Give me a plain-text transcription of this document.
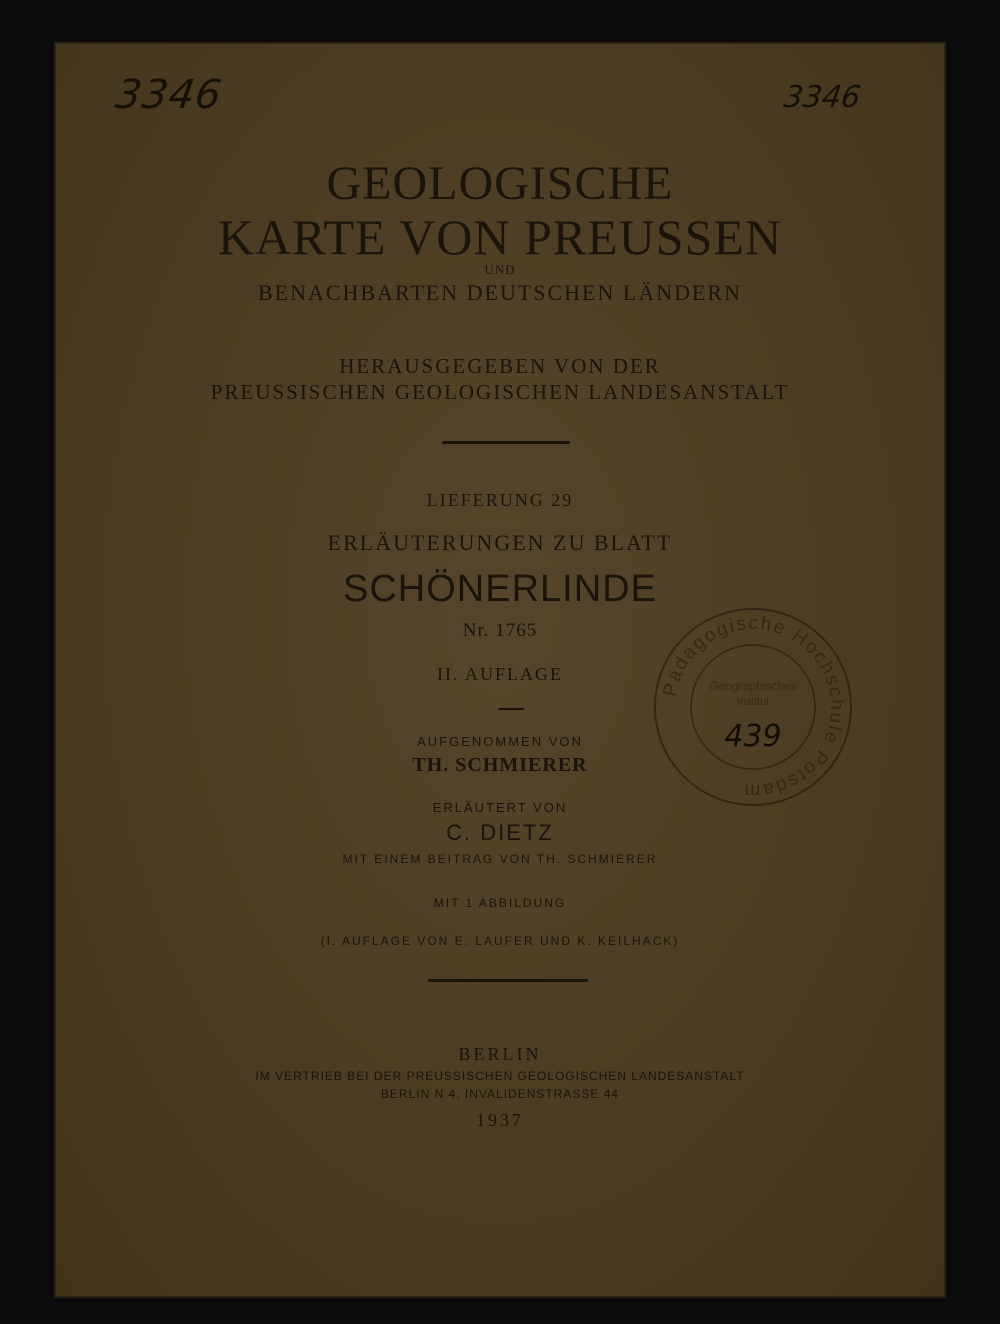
3346	3346
GEOLOGISCHE
KARTE VON PREUSSEN
UND
BENACHBARTEN DEUTSCHEN LÄNDERN
HERAUSGEGEBEN VON DER
PREUSSISCHEN GEOLOGISCHEN LANDESANSTALT
LIEFERUNG 29
ERLÄUTERUNGEN ZU BLATT
SCHÖNERLINDE
Nr. 1765
II. AUFLAGE
AUFGENOMMEN VON
TH. SCHMIERER
ERLÄUTERT VON
C. DIETZ
MIT EINEM BEITRAG VON TH. SCHMIERER
MIT 1 ABBILDUNG
(I. AUFLAGE VON E. LAUFER UND K. KEILHACK)
BERLIN
IM VERTRIEB BEI DER PREUSSISCHEN GEOLOGISCHEN LANDESANSTALT
BERLIN N 4, INVALIDENSTRASSE 44
1937
Pädagogische Hochschule Potsdam
Geographisches
Institut
439
